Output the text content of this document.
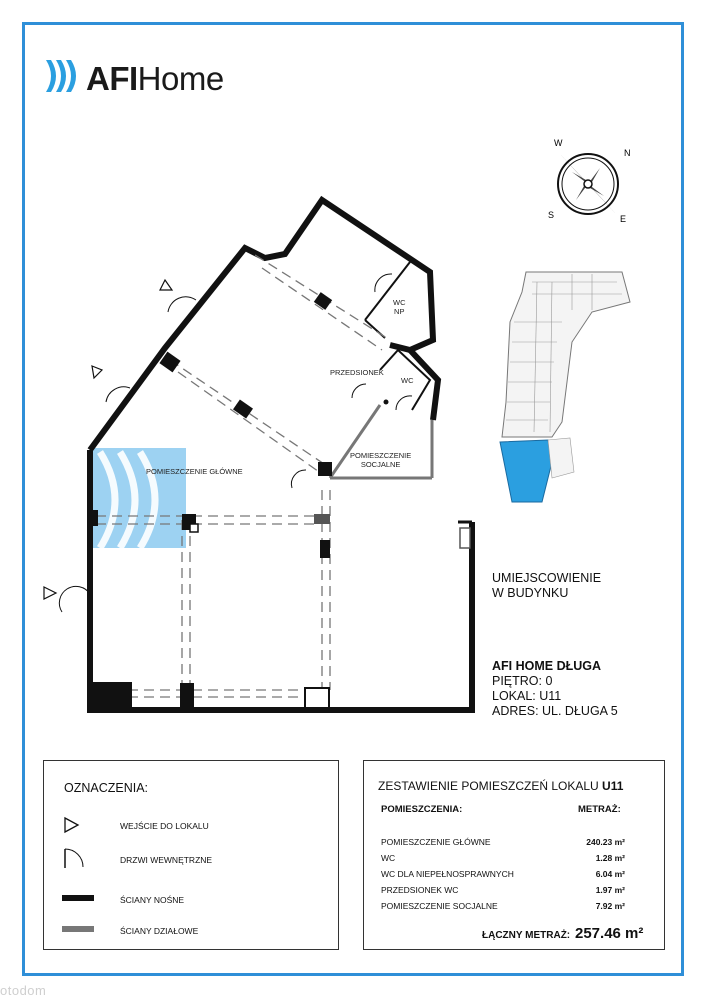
AFIHome
N
S	E
W
WC
NP
PRZEDSIONEK
WC
POMIESZCZENIE
SOCJALNE
POMIESZCZENIE GŁÓWNE
UMIEJSCOWIENIE
W BUDYNKU
AFI HOME DŁUGA
PIĘTRO: 0
LOKAL: U11
ADRES: UL. DŁUGA 5
OZNACZENIA:
WEJŚCIE DO LOKALU
DRZWI WEWNĘTRZNE
ŚCIANY NOŚNE
ŚCIANY DZIAŁOWE
ZESTAWIENIE POMIESZCZEŃ LOKALU U11
POMIESZCZENIA:	METRAŻ:
POMIESZCZENIE GŁÓWNE	240.23 m²
WC	1.28 m²
WC DLA NIEPEŁNOSPRAWNYCH	6.04 m²
PRZEDSIONEK WC	1.97 m²
POMIESZCZENIE SOCJALNE	7.92 m²
ŁĄCZNY METRAŻ: 257.46 m²
otodom
